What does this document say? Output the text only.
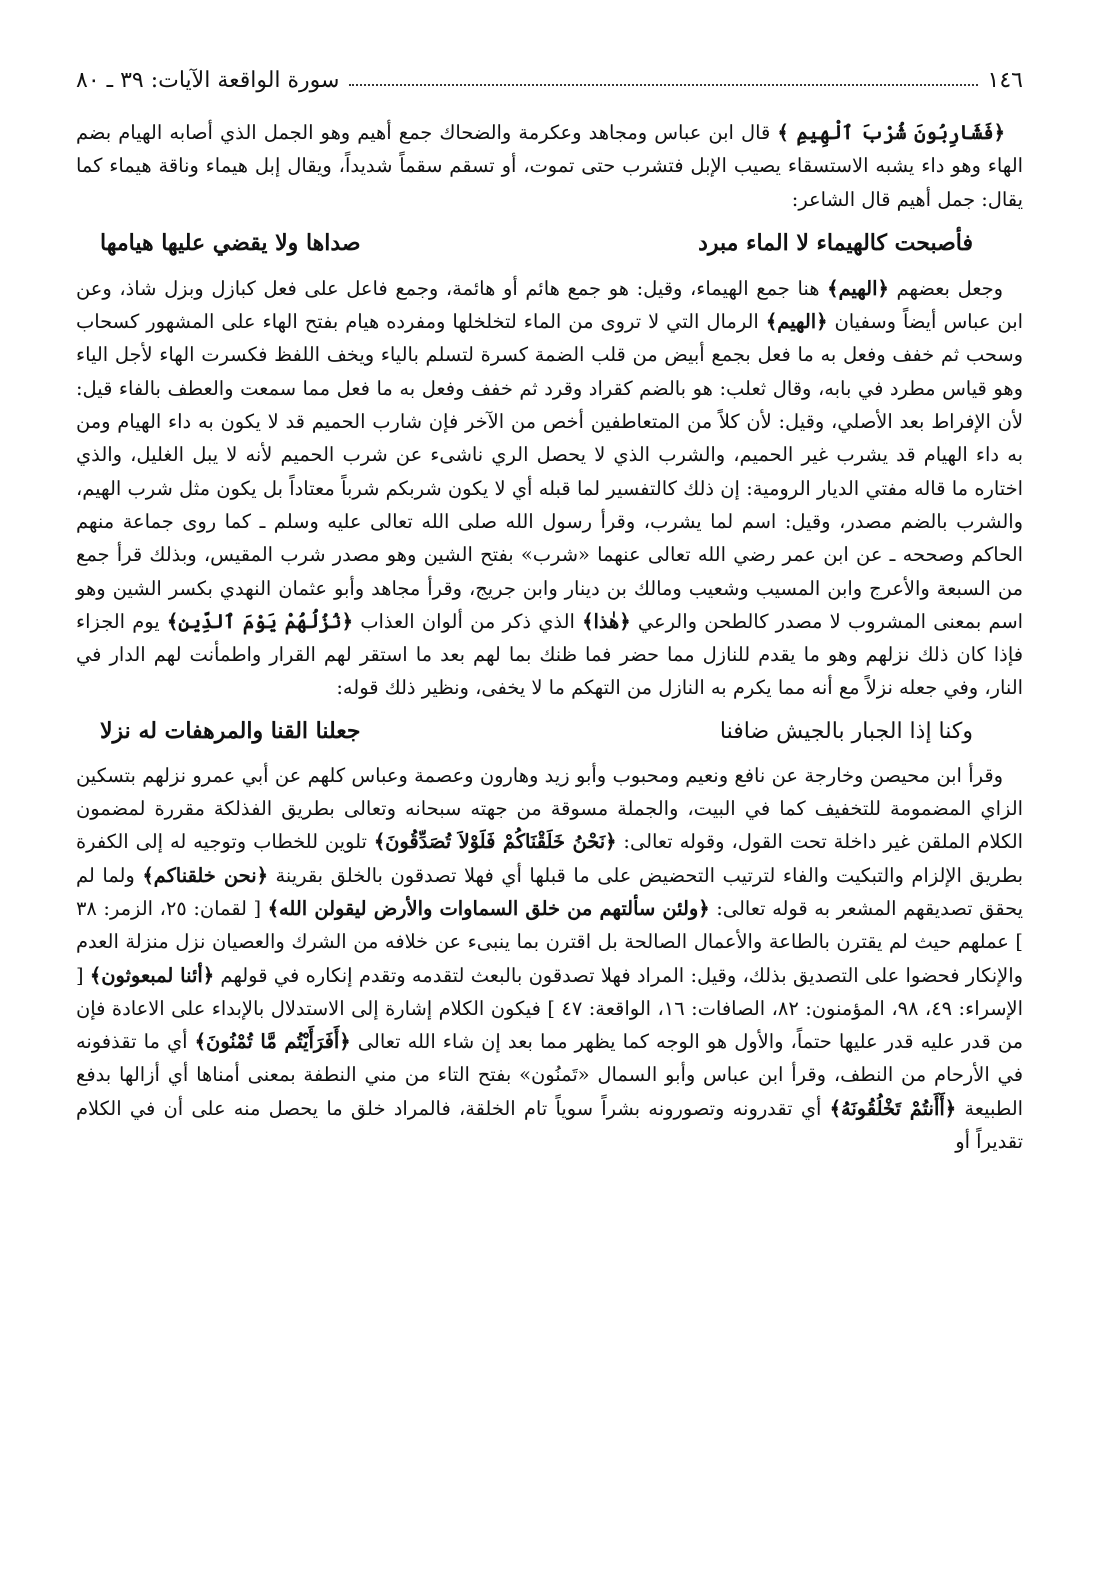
١٤٦
سورة الواقعة الآيات: ٣٩ ـ ٨٠

﴿فَشَارِبُونَ شُرْبَ ٱلْهِيمِ ﴾ قال ابن عباس ومجاهد وعكرمة والضحاك جمع أهيم وهو الجمل الذي أصابه الهيام بضم الهاء وهو داء يشبه الاستسقاء يصيب الإبل فتشرب حتى تموت، أو تسقم سقماً شديداً، ويقال إبل هيماء وناقة هيماء كما يقال: جمل أهيم قال الشاعر:

فأصبحت كالهيماء لا الماء مبرد
صداها ولا يقضي عليها هيامها

وجعل بعضهم ﴿الهيم﴾ هنا جمع الهيماء، وقيل: هو جمع هائم أو هائمة، وجمع فاعل على فعل كبازل وبزل شاذ، وعن ابن عباس أيضاً وسفيان ﴿الهيم﴾ الرمال التي لا تروى من الماء لتخلخلها ومفرده هيام بفتح الهاء على المشهور كسحاب وسحب ثم خفف وفعل به ما فعل بجمع أبيض من قلب الضمة كسرة لتسلم بالياء ويخف اللفظ فكسرت الهاء لأجل الياء وهو قياس مطرد في بابه، وقال ثعلب: هو بالضم كقراد وقرد ثم خفف وفعل به ما فعل مما سمعت والعطف بالفاء قيل: لأن الإفراط بعد الأصلي، وقيل: لأن كلاً من المتعاطفين أخص من الآخر فإن شارب الحميم قد لا يكون به داء الهيام ومن به داء الهيام قد يشرب غير الحميم، والشرب الذي لا يحصل الري ناشىء عن شرب الحميم لأنه لا يبل الغليل، والذي اختاره ما قاله مفتي الديار الرومية: إن ذلك كالتفسير لما قبله أي لا يكون شربكم شرباً معتاداً بل يكون مثل شرب الهيم، والشرب بالضم مصدر، وقيل: اسم لما يشرب، وقرأ رسول الله صلى الله تعالى عليه وسلم ـ كما روى جماعة منهم الحاكم وصححه ـ عن ابن عمر رضي الله تعالى عنهما «شرب» بفتح الشين وهو مصدر شرب المقيس، وبذلك قرأ جمع من السبعة والأعرج وابن المسيب وشعيب ومالك بن دينار وابن جريج، وقرأ مجاهد وأبو عثمان النهدي بكسر الشين وهو اسم بمعنى المشروب لا مصدر كالطحن والرعي ﴿هٰذا﴾ الذي ذكر من ألوان العذاب ﴿نُزُلُهُمْ يَوْمَ ٱلدِّينِ﴾ يوم الجزاء فإذا كان ذلك نزلهم وهو ما يقدم للنازل مما حضر فما ظنك بما لهم بعد ما استقر لهم القرار واطمأنت لهم الدار في النار، وفي جعله نزلاً مع أنه مما يكرم به النازل من التهكم ما لا يخفى، ونظير ذلك قوله:

وكنا إذا الجبار بالجيش ضافنا
جعلنا القنا والمرهفات له نزلا

وقرأ ابن محيصن وخارجة عن نافع ونعيم ومحبوب وأبو زيد وهارون وعصمة وعباس كلهم عن أبي عمرو نزلهم بتسكين الزاي المضمومة للتخفيف كما في البيت، والجملة مسوقة من جهته سبحانه وتعالى بطريق الفذلكة مقررة لمضمون الكلام الملقن غير داخلة تحت القول، وقوله تعالى: ﴿نَحْنُ خَلَقْنَاكُمْ فَلَوْلاَ تُصَدِّقُونَ﴾ تلوين للخطاب وتوجيه له إلى الكفرة بطريق الإلزام والتبكيت والفاء لترتيب التحضيض على ما قبلها أي فهلا تصدقون بالخلق بقرينة ﴿نحن خلقناكم﴾ ولما لم يحقق تصديقهم المشعر به قوله تعالى: ﴿ولئن سألتهم من خلق السماوات والأرض ليقولن الله﴾ [ لقمان: ٢٥، الزمر: ٣٨ ] عملهم حيث لم يقترن بالطاعة والأعمال الصالحة بل اقترن بما ينبىء عن خلافه من الشرك والعصيان نزل منزلة العدم والإنكار فحضوا على التصديق بذلك، وقيل: المراد فهلا تصدقون بالبعث لتقدمه وتقدم إنكاره في قولهم ﴿أئنا لمبعوثون﴾ [ الإسراء: ٤٩، ٩٨، المؤمنون: ٨٢، الصافات: ١٦، الواقعة: ٤٧ ] فيكون الكلام إشارة إلى الاستدلال بالإبداء على الاعادة فإن من قدر عليه قدر عليها حتماً، والأول هو الوجه كما يظهر مما بعد إن شاء الله تعالى ﴿أَفَرَأَيْتُم مَّا تُمْنُونَ﴾ أي ما تقذفونه في الأرحام من النطف، وقرأ ابن عباس وأبو السمال «تَمنُون» بفتح التاء من مني النطفة بمعنى أمناها أي أزالها بدفع الطبيعة ﴿أَأَنتُمْ تَخْلُقُونَهُ﴾ أي تقدرونه وتصورونه بشراً سوياً تام الخلقة، فالمراد خلق ما يحصل منه على أن في الكلام تقديراً أو
